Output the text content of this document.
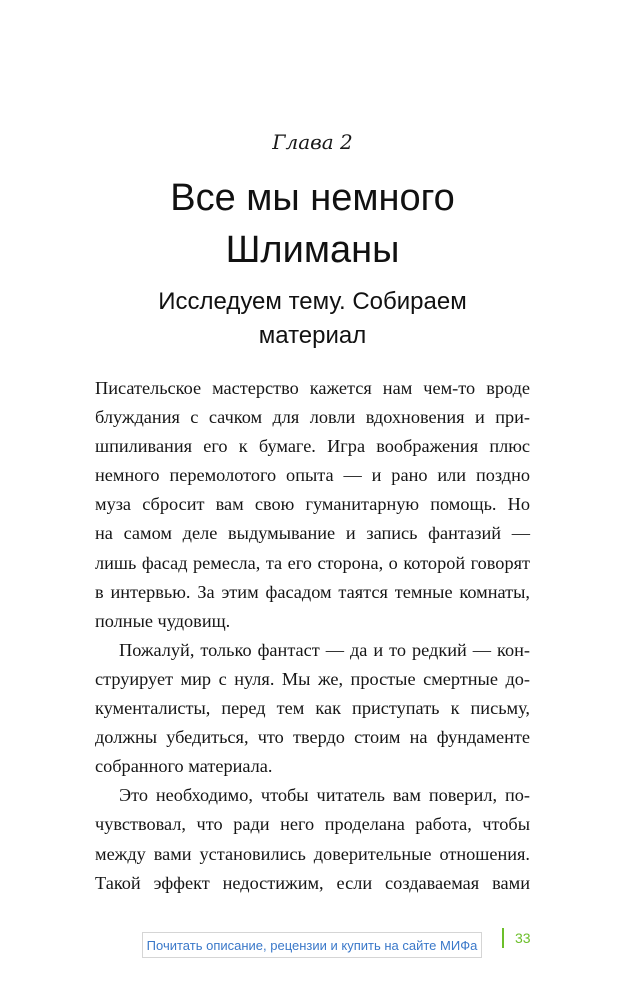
Глава 2
Все мы немного
Шлиманы
Исследуем тему. Собираем
материал
Писательское мастерство кажется нам чем-то вроде
блуждания с сачком для ловли вдохновения и при-
шпиливания его к бумаге. Игра воображения плюс
немного перемолотого опыта — и рано или поздно
муза сбросит вам свою гуманитарную помощь. Но
на самом деле выдумывание и запись фантазий —
лишь фасад ремесла, та его сторона, о которой говорят
в интервью. За этим фасадом таятся темные комнаты,
полные чудовищ.
Пожалуй, только фантаст — да и то редкий — кон-
струирует мир с нуля. Мы же, простые смертные до-
кументалисты, перед тем как приступать к письму,
должны убедиться, что твердо стоим на фундаменте
собранного материала.
Это необходимо, чтобы читатель вам поверил, по-
чувствовал, что ради него проделана работа, чтобы
между вами установились доверительные отношения.
Такой эффект недостижим, если создаваемая вами
33
Почитать описание, рецензии и купить на сайте МИФа
